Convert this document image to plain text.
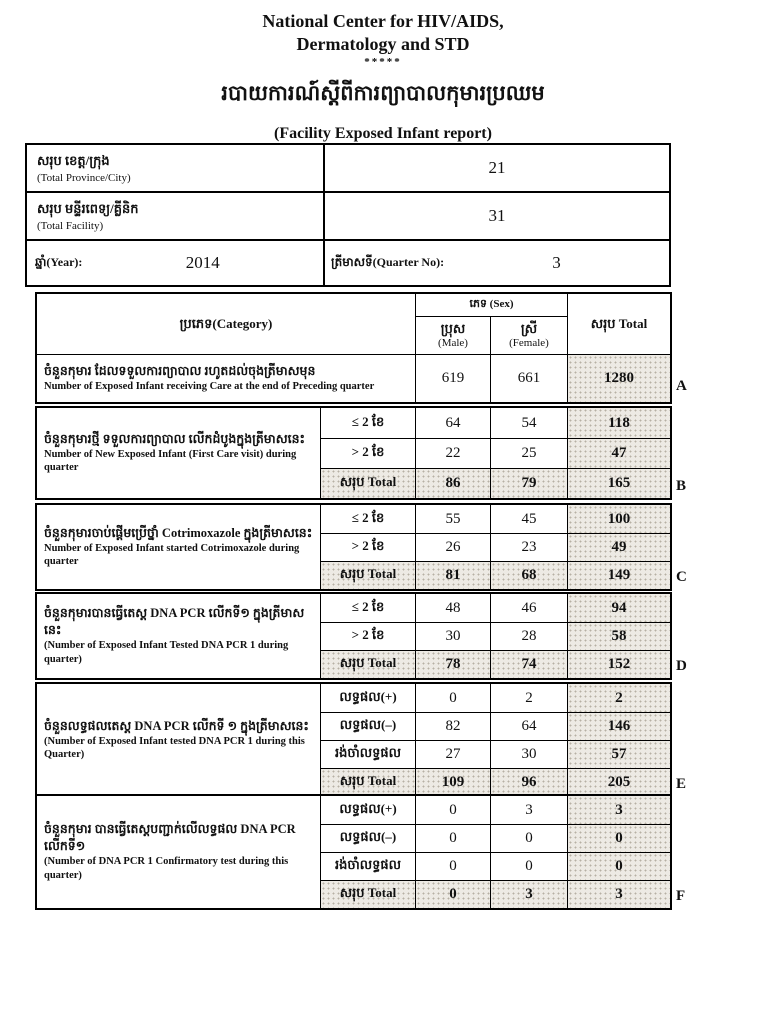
National Center for HIV/AIDS,
Dermatology and STD
*****
របាយការណ៍ស្តីពីការព្យាបាលកុមារប្រឈម
(Facility Exposed Infant report)
សរុប ខេត្ត/ក្រុង
(Total Province/City)
21
សរុប មន្ទីរពេទ្យ/គ្លីនិក
(Total Facility)
31
ឆ្នាំ(Year):	2014	ត្រីមាសទី(Quarter No):	3
ប្រភេទ(Category)
ភេទ (Sex)
សរុប Total
ប្រុស
(Male)
ស្រី
(Female)
ចំនួនកុមារ ដែលទទួលការព្យាបាល រហូតដល់ចុងត្រីមាសមុន
Number of Exposed Infant receiving Care at the end of Preceding quarter
619	661	1280	A
ចំនួនកុមារថ្មី ទទួលការព្យាបាល លើកដំបូងក្នុងត្រីមាសនេះ
Number of New Exposed Infant (First Care visit) during quarter
≤ 2 ខែ	64	54	118
> 2 ខែ	22	25	47
សរុប Total	86	79	165	B
ចំនួនកុមារចាប់ផ្តើមប្រើថ្នាំ Cotrimoxazole ក្នុងត្រីមាសនេះ
Number of Exposed Infant started Cotrimoxazole during quarter
≤ 2 ខែ	55	45	100
> 2 ខែ	26	23	49
សរុប Total	81	68	149	C
ចំនួនកុមារបានធ្វើតេស្ត DNA PCR លើកទី១ ក្នុងត្រីមាសនេះ
(Number of Exposed Infant Tested DNA PCR 1 during quarter)
≤ 2 ខែ	48	46	94
> 2 ខែ	30	28	58
សរុប Total	78	74	152	D
ចំនួនលទ្ធផលតេស្ត DNA PCR លើកទី ១ ក្នុងត្រីមាសនេះ
(Number of Exposed Infant tested DNA PCR 1 during this Quarter)
លទ្ធផល(+)	0	2	2
លទ្ធផល(–)	82	64	146
រង់ចាំលទ្ធផល	27	30	57
សរុប Total	109	96	205	E
ចំនួនកុមារ បានធ្វើតេស្តបញ្ជាក់លើលទ្ធផល DNA PCR លើកទី១
(Number of DNA PCR 1 Confirmatory test during this quarter)
លទ្ធផល(+)	0	3	3
លទ្ធផល(–)	0	0	0
រង់ចាំលទ្ធផល	0	0	0
សរុប Total	0	3	3	F
